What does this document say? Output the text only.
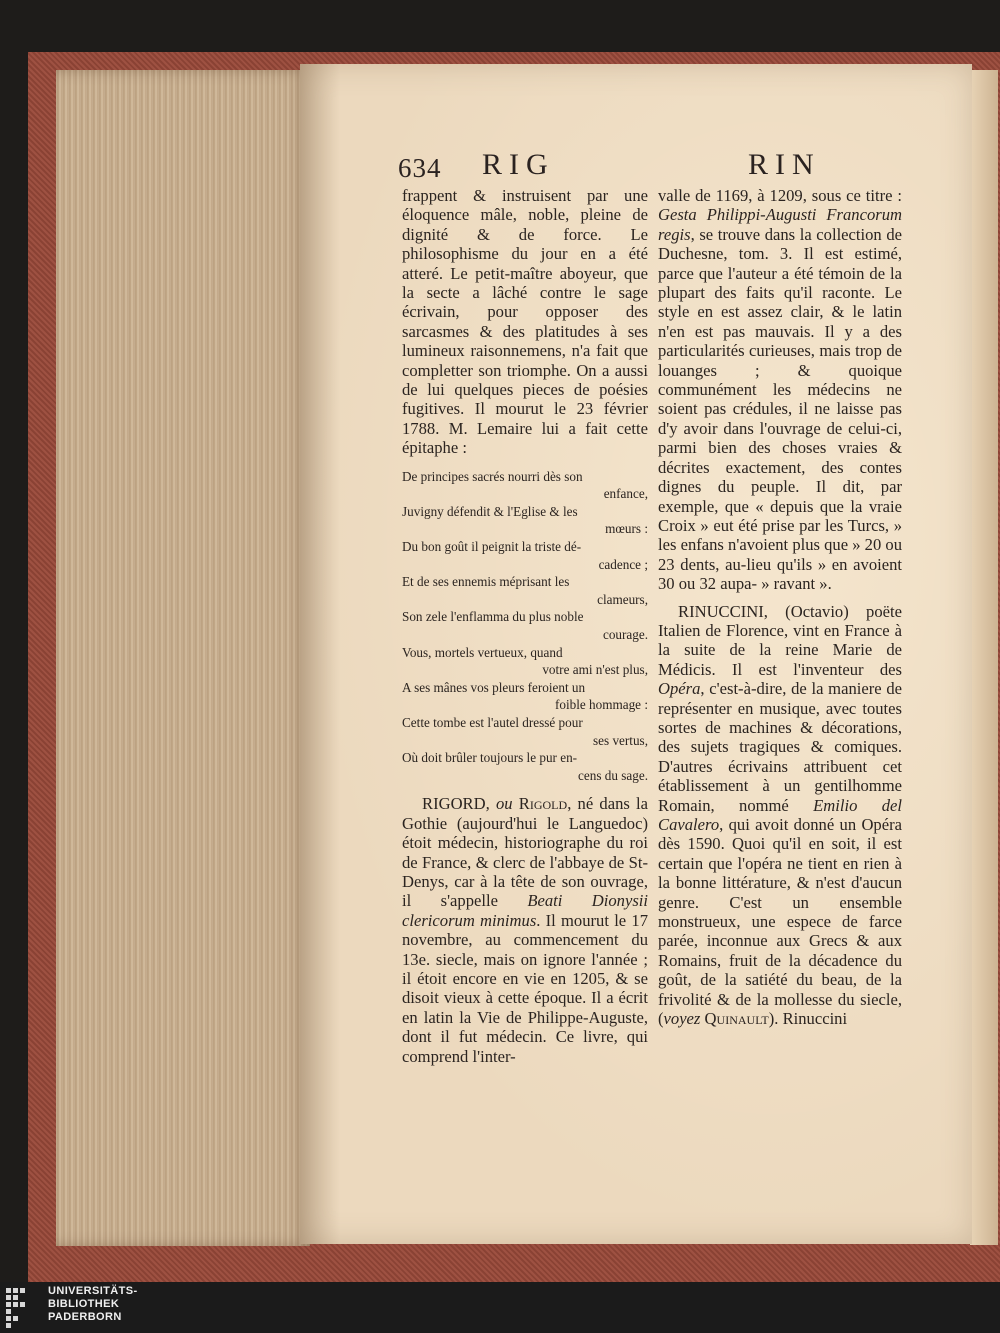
634 RIG	RIN

frappent & instruisent par une éloquence mâle, noble, pleine de dignité & de force. Le philosophisme du jour en a été atteré. Le petit-maître aboyeur, que la secte a lâché contre le sage écrivain, pour opposer des sarcasmes & des platitudes à ses lumineux raisonnemens, n'a fait que completter son triomphe. On a aussi de lui quelques pieces de poésies fugitives. Il mourut le 23 février 1788. M. Lemaire lui a fait cette épitaphe :

De principes sacrés nourri dès son
enfance,
Juvigny défendit & l'Eglise & les
mœurs :
Du bon goût il peignit la triste dé-
cadence ;
Et de ses ennemis méprisant les
clameurs,
Son zele l'enflamma du plus noble
courage.
Vous, mortels vertueux, quand
votre ami n'est plus,
A ses mânes vos pleurs feroient un
foible hommage :
Cette tombe est l'autel dressé pour
ses vertus,
Où doit brûler toujours le pur en-
cens du sage.

RIGORD, ou Rigold, né dans la Gothie (aujourd'hui le Languedoc) étoit médecin, historiographe du roi de France, & clerc de l'abbaye de St-Denys, car à la tête de son ouvrage, il s'appelle Beati Dionysii clericorum minimus. Il mourut le 17 novembre, au commencement du 13e. siecle, mais on ignore l'année ; il étoit encore en vie en 1205, & se disoit vieux à cette époque. Il a écrit en latin la Vie de Philippe-Auguste, dont il fut médecin. Ce livre, qui comprend l'inter-

valle de 1169, à 1209, sous ce titre : Gesta Philippi-Augusti Francorum regis, se trouve dans la collection de Duchesne, tom. 3. Il est estimé, parce que l'auteur a été témoin de la plupart des faits qu'il raconte. Le style en est assez clair, & le latin n'en est pas mauvais. Il y a des particularités curieuses, mais trop de louanges ; & quoique communément les médecins ne soient pas crédules, il ne laisse pas d'y avoir dans l'ouvrage de celui-ci, parmi bien des choses vraies & décrites exactement, des contes dignes du peuple. Il dit, par exemple, que « depuis que la vraie Croix » eut été prise par les Turcs, » les enfans n'avoient plus que » 20 ou 23 dents, au-lieu qu'ils » en avoient 30 ou 32 aupa- » ravant ».

RINUCCINI, (Octavio) poëte Italien de Florence, vint en France à la suite de la reine Marie de Médicis. Il est l'inventeur des Opéra, c'est-à-dire, de la maniere de représenter en musique, avec toutes sortes de machines & décorations, des sujets tragiques & comiques. D'autres écrivains attribuent cet établissement à un gentilhomme Romain, nommé Emilio del Cavalero, qui avoit donné un Opéra dès 1590. Quoi qu'il en soit, il est certain que l'opéra ne tient en rien à la bonne littérature, & n'est d'aucun genre. C'est un ensemble monstrueux, une espece de farce parée, inconnue aux Grecs & aux Romains, fruit de la décadence du goût, de la satiété du beau, de la frivolité & de la mollesse du siecle, (voyez Quinault). Rinuccini

UNIVERSITÄTS-
BIBLIOTHEK
PADERBORN
